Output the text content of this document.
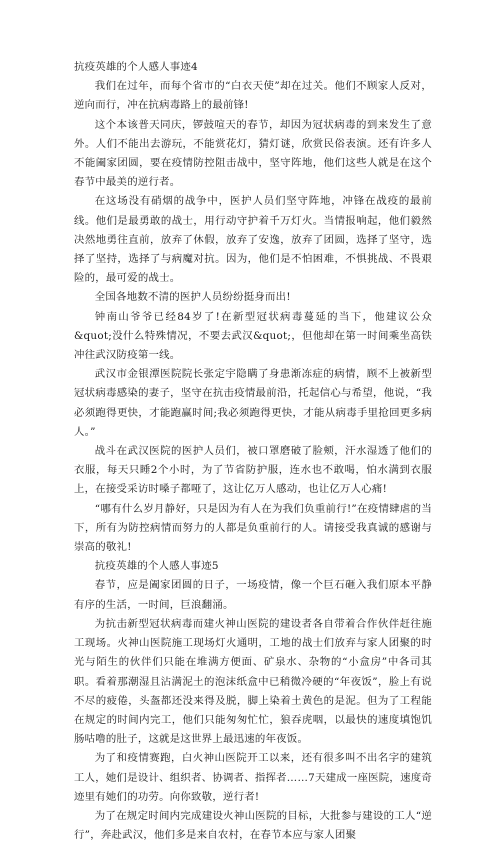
抗疫英雄的个人感人事迹4

我们在过年，而每个省市的“白衣天使”却在过关。他们不顾家人反对，逆向而行，冲在抗病毒路上的最前锋!

这个本该普天同庆，锣鼓喧天的春节，却因为冠状病毒的到来发生了意外。人们不能出去游玩，不能赏花灯，猜灯谜，欣赏民俗表演。还有许多人不能阖家团圆，要在疫情防控阻击战中，坚守阵地，他们这些人就是在这个春节中最美的逆行者。

在这场没有硝烟的战争中，医护人员们坚守阵地，冲锋在战疫的最前线。他们是最勇敢的战士，用行动守护着千万灯火。当情报响起，他们毅然决然地勇往直前，放弃了休假，放弃了安逸，放弃了团圆，选择了坚守，选择了坚持，选择了与病魔对抗。因为，他们是不怕困难，不惧挑战、不畏艰险的，最可爱的战士。

全国各地数不清的医护人员纷纷挺身而出!

钟南山爷爷已经84岁了!在新型冠状病毒蔓延的当下，他建议公众&quot;没什么特殊情况，不要去武汉&quot;，但他却在第一时间乘坐高铁冲往武汉防疫第一线。

武汉市金银潭医院院长张定宇隐瞒了身患渐冻症的病情，顾不上被新型冠状病毒感染的妻子，坚守在抗击疫情最前沿，托起信心与希望，他说，“我必须跑得更快，才能跑赢时间;我必须跑得更快，才能从病毒手里抢回更多病人。”

战斗在武汉医院的医护人员们，被口罩磨破了脸颊，汗水湿透了他们的衣服，每天只睡2个小时，为了节省防护服，连水也不敢喝，怕水满到衣服上，在接受采访时嗓子都哑了，这让亿万人感动，也让亿万人心痛!

“哪有什么岁月静好，只是因为有人在为我们负重前行!”在疫情肆虐的当下，所有为防控病情而努力的人都是负重前行的人。请接受我真诚的感谢与崇高的敬礼!

抗疫英雄的个人感人事迹5

春节，应是阖家团圆的日子，一场疫情，像一个巨石砸入我们原本平静有序的生活，一时间，巨浪翻涌。

为抗击新型冠状病毒而建火神山医院的建设者各自带着合作伙伴赶往施工现场。火神山医院施工现场灯火通明，工地的战士们放弃与家人团聚的时光与陌生的伙伴们只能在堆满方便面、矿泉水、杂物的“小盒房”中各司其职。看着那潮湿且沾满泥土的泡沫纸盒中已稍微冷硬的“年夜饭”，脸上有说不尽的疲倦，头盔都还没来得及脱，脚上染着土黄色的是泥。但为了工程能在规定的时间内完工，他们只能匆匆忙忙，狼吞虎咽，以最快的速度填饱饥肠咕噜的肚子，这就是这世界上最迅速的年夜饭。

为了和疫情赛跑，白火神山医院开工以来，还有很多叫不出名字的建筑工人，她们是设计、组织者、协调者、指挥者……7天建成一座医院，速度奇迹里有她们的功劳。向你致敬，逆行者!

为了在规定时间内完成建设火神山医院的目标，大批参与建设的工人“逆行”，奔赴武汉，他们多是来自农村，在春节本应与家人团聚
